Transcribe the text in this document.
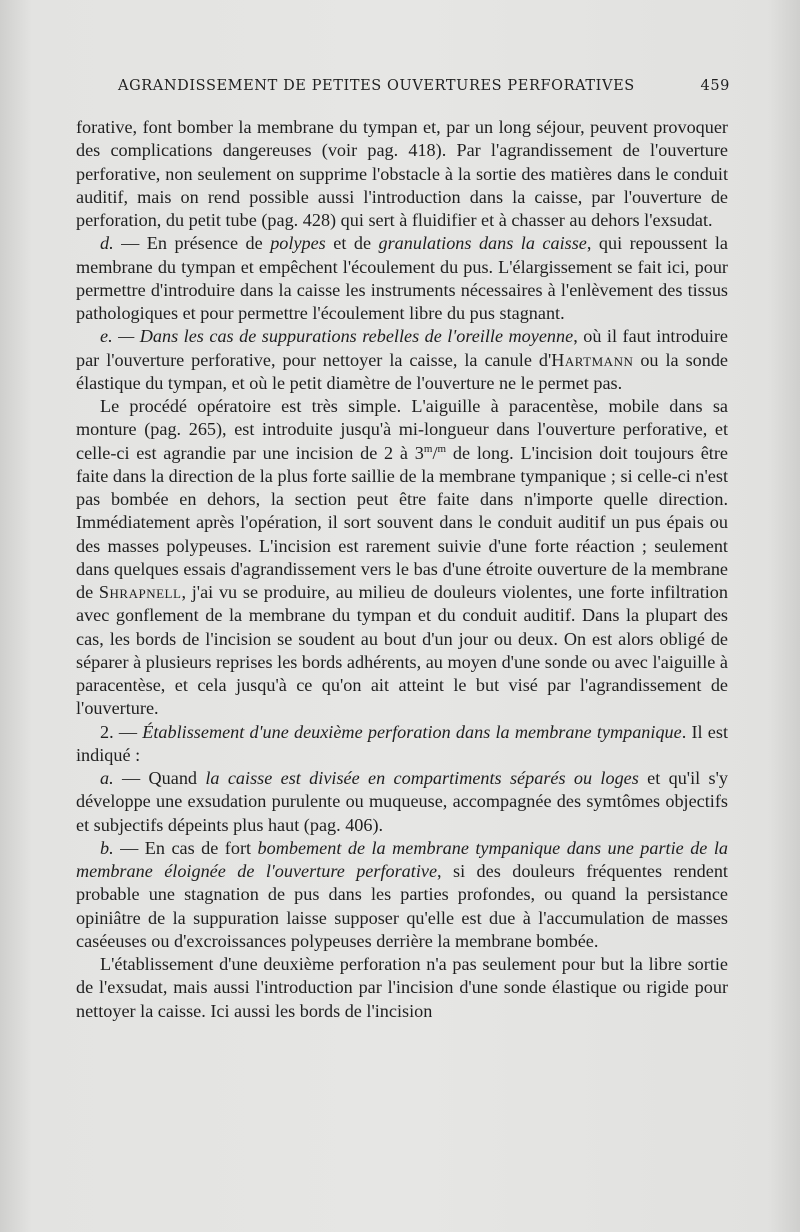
AGRANDISSEMENT DE PETITES OUVERTURES PERFORATIVES	459

forative, font bomber la membrane du tympan et, par un long séjour, peuvent provoquer des complications dangereuses (voir pag. 418). Par l'agrandissement de l'ouverture perforative, non seulement on supprime l'obstacle à la sortie des matières dans le conduit auditif, mais on rend possible aussi l'introduction dans la caisse, par l'ouverture de perforation, du petit tube (pag. 428) qui sert à fluidifier et à chasser au dehors l'exsudat.

d. — En présence de polypes et de granulations dans la caisse, qui repoussent la membrane du tympan et empêchent l'écoulement du pus. L'élargissement se fait ici, pour permettre d'introduire dans la caisse les instruments nécessaires à l'enlèvement des tissus pathologiques et pour permettre l'écoulement libre du pus stagnant.

e. — Dans les cas de suppurations rebelles de l'oreille moyenne, où il faut introduire par l'ouverture perforative, pour nettoyer la caisse, la canule d'Hartmann ou la sonde élastique du tympan, et où le petit diamètre de l'ouverture ne le permet pas.

Le procédé opératoire est très simple. L'aiguille à paracentèse, mobile dans sa monture (pag. 265), est introduite jusqu'à mi-longueur dans l'ouverture perforative, et celle-ci est agrandie par une incision de 2 à 3$^m$/$^m$ de long. L'incision doit toujours être faite dans la direction de la plus forte saillie de la membrane tympanique ; si celle-ci n'est pas bombée en dehors, la section peut être faite dans n'importe quelle direction. Immédiatement après l'opération, il sort souvent dans le conduit auditif un pus épais ou des masses polypeuses. L'incision est rarement suivie d'une forte réaction ; seulement dans quelques essais d'agrandissement vers le bas d'une étroite ouverture de la membrane de Shrapnell, j'ai vu se produire, au milieu de douleurs violentes, une forte infiltration avec gonflement de la membrane du tympan et du conduit auditif. Dans la plupart des cas, les bords de l'incision se soudent au bout d'un jour ou deux. On est alors obligé de séparer à plusieurs reprises les bords adhérents, au moyen d'une sonde ou avec l'aiguille à paracentèse, et cela jusqu'à ce qu'on ait atteint le but visé par l'agrandissement de l'ouverture.

2. — Établissement d'une deuxième perforation dans la membrane tympanique. Il est indiqué :

a. — Quand la caisse est divisée en compartiments séparés ou loges et qu'il s'y développe une exsudation purulente ou muqueuse, accompagnée des symtômes objectifs et subjectifs dépeints plus haut (pag. 406).

b. — En cas de fort bombement de la membrane tympanique dans une partie de la membrane éloignée de l'ouverture perforative, si des douleurs fréquentes rendent probable une stagnation de pus dans les parties profondes, ou quand la persistance opiniâtre de la suppuration laisse supposer qu'elle est due à l'accumulation de masses caséeuses ou d'excroissances polypeuses derrière la membrane bombée.

L'établissement d'une deuxième perforation n'a pas seulement pour but la libre sortie de l'exsudat, mais aussi l'introduction par l'incision d'une sonde élastique ou rigide pour nettoyer la caisse. Ici aussi les bords de l'incision
